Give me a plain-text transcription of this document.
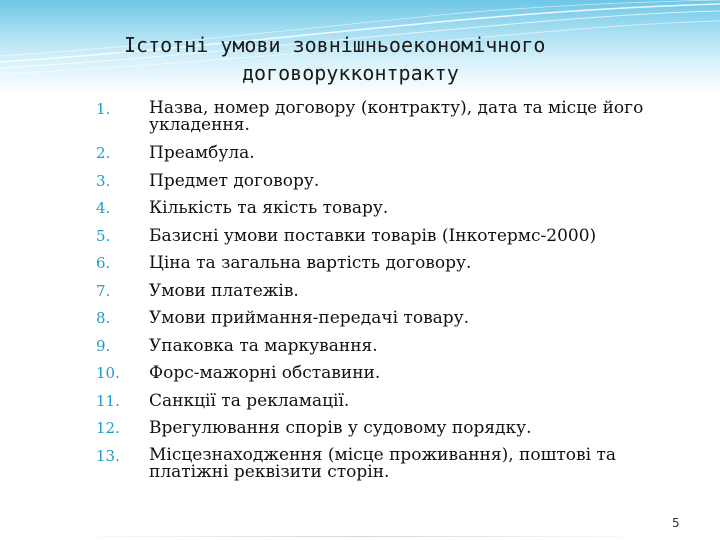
Істотні умови зовнішньоекономічного
договорукконтракту
1.	Назва, номер договору (контракту), дата та місце його укладення.
2.	Преамбула.
3.	Предмет договору.
4.	Кількість та якість товару.
5.	Базисні умови поставки товарів (Інкотермс-2000)
6.	Ціна та загальна вартість договору.
7.	Умови платежів.
8.	Умови приймання-передачі товару.
9.	Упаковка та маркування.
10.	Форс-мажорні обставини.
11.	Санкції та рекламації.
12.	Врегулювання спорів у судовому порядку.
13.	Місцезнаходження (місце проживання), поштові та платіжні реквізити сторін.
5
